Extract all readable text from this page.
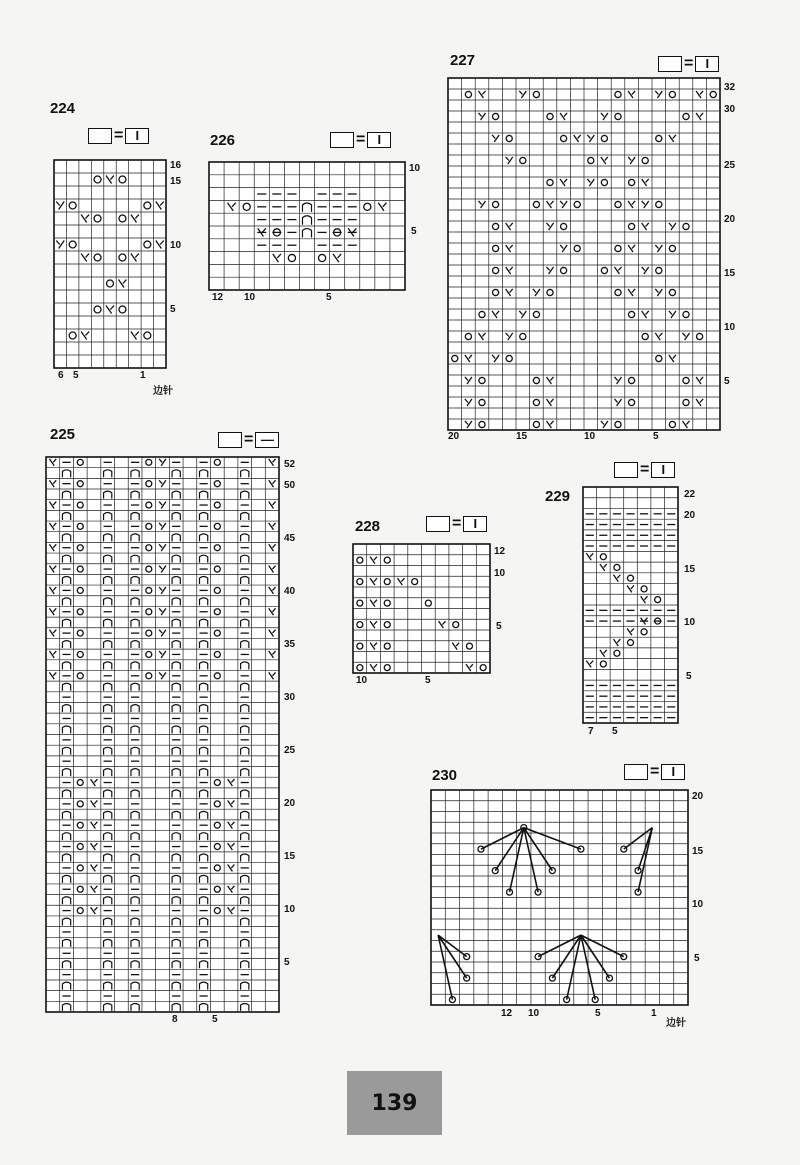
224
= I
16
15
10
5
6 5	1
边针
226	= I
10
5
12 10	5
227	= I
32
30
25
20
15
10
5
20	15	10	5
225	= —
52
50
45
40
35
30
25
20
15
10
5
8	5
228	= I
12
10
5
10	5
229
= I
22
20
15
10
5
7 5
230	= I
20
15
10
5
12 10	5	1
边针
139
